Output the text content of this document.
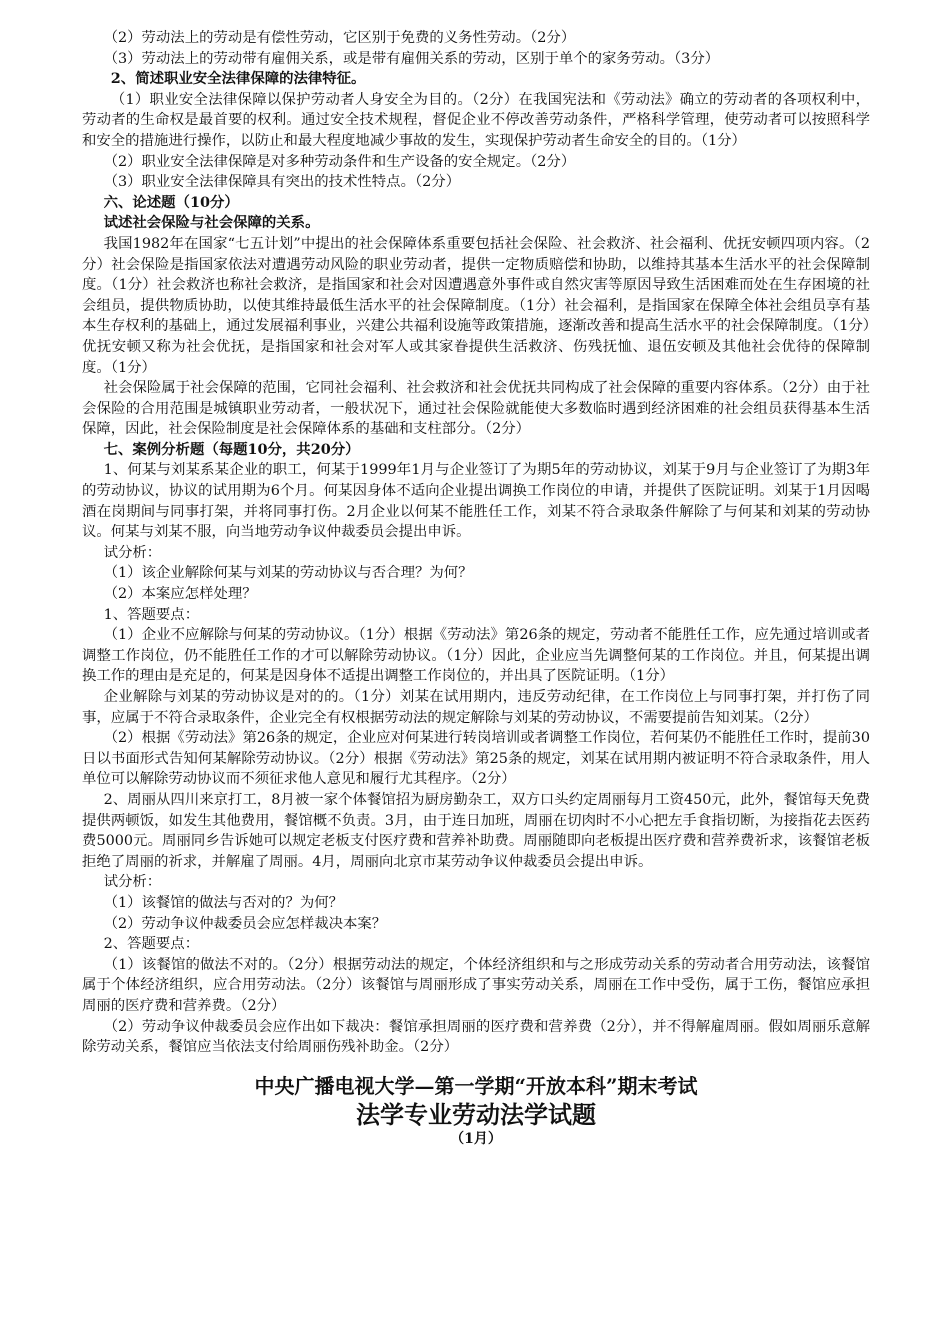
（2）劳动法上的劳动是有偿性劳动，它区别于免费的义务性劳动。（2分）

（3）劳动法上的劳动带有雇佣关系，或是带有雇佣关系的劳动，区别于单个的家务劳动。（3分）

2、简述职业安全法律保障的法律特征。

（1）职业安全法律保障以保护劳动者人身安全为目的。（2分）在我国宪法和《劳动法》确立的劳动者的各项权利中，劳动者的生命权是最首要的权利。通过安全技术规程，督促企业不停改善劳动条件，严格科学管理，使劳动者可以按照科学和安全的措施进行操作，以防止和最大程度地减少事故的发生，实现保护劳动者生命安全的目的。（1分）

（2）职业安全法律保障是对多种劳动条件和生产设备的安全规定。（2分）

（3）职业安全法律保障具有突出的技术性特点。（2分）

六、论述题（10分）

试述社会保险与社会保障的关系。

我国1982年在国家“七五计划”中提出的社会保障体系重要包括社会保险、社会救济、社会福利、优抚安顿四项内容。（2分）社会保险是指国家依法对遭遇劳动风险的职业劳动者，提供一定物质赔偿和协助，以维持其基本生活水平的社会保障制度。（1分）社会救济也称社会救济，是指国家和社会对因遭遇意外事件或自然灾害等原因导致生活困难而处在生存困境的社会组员，提供物质协助，以使其维持最低生活水平的社会保障制度。（1分）社会福利，是指国家在保障全体社会组员享有基本生存权利的基础上，通过发展福利事业，兴建公共福利设施等政策措施，逐渐改善和提高生活水平的社会保障制度。（1分）优抚安顿又称为社会优抚，是指国家和社会对军人或其家眷提供生活救济、伤残抚恤、退伍安顿及其他社会优待的保障制度。（1分）

社会保险属于社会保障的范围，它同社会福利、社会救济和社会优抚共同构成了社会保障的重要内容体系。（2分）由于社会保险的合用范围是城镇职业劳动者，一般状况下，通过社会保险就能使大多数临时遇到经济困难的社会组员获得基本生活保障，因此，社会保险制度是社会保障体系的基础和支柱部分。（2分）

七、案例分析题（每题10分，共20分）

1、何某与刘某系某企业的职工，何某于1999年1月与企业签订了为期5年的劳动协议，刘某于9月与企业签订了为期3年的劳动协议，协议的试用期为6个月。何某因身体不适向企业提出调换工作岗位的申请，并提供了医院证明。刘某于1月因喝酒在岗期间与同事打架，并将同事打伤。2月企业以何某不能胜任工作，刘某不符合录取条件解除了与何某和刘某的劳动协议。何某与刘某不服，向当地劳动争议仲裁委员会提出申诉。

试分析：

（1）该企业解除何某与刘某的劳动协议与否合理？为何？

（2）本案应怎样处理？

1、答题要点：

（1）企业不应解除与何某的劳动协议。（1分）根据《劳动法》第26条的规定，劳动者不能胜任工作，应先通过培训或者调整工作岗位，仍不能胜任工作的才可以解除劳动协议。（1分）因此，企业应当先调整何某的工作岗位。并且，何某提出调换工作的理由是充足的，何某是因身体不适提出调整工作岗位的，并出具了医院证明。（1分）

企业解除与刘某的劳动协议是对的的。（1分）刘某在试用期内，违反劳动纪律，在工作岗位上与同事打架，并打伤了同事，应属于不符合录取条件，企业完全有权根据劳动法的规定解除与刘某的劳动协议，不需要提前告知刘某。（2分）

（2）根据《劳动法》第26条的规定，企业应对何某进行转岗培训或者调整工作岗位，若何某仍不能胜任工作时，提前30日以书面形式告知何某解除劳动协议。（2分）根据《劳动法》第25条的规定，刘某在试用期内被证明不符合录取条件，用人单位可以解除劳动协议而不须征求他人意见和履行尤其程序。（2分）

2、周丽从四川来京打工，8月被一家个体餐馆招为厨房勤杂工，双方口头约定周丽每月工资450元，此外，餐馆每天免费提供两顿饭，如发生其他费用，餐馆概不负责。3月，由于连日加班，周丽在切肉时不小心把左手食指切断，为接指花去医药费5000元。周丽同乡告诉她可以规定老板支付医疗费和营养补助费。周丽随即向老板提出医疗费和营养费祈求，该餐馆老板拒绝了周丽的祈求，并解雇了周丽。4月，周丽向北京市某劳动争议仲裁委员会提出申诉。

试分析：

（1）该餐馆的做法与否对的？为何？

（2）劳动争议仲裁委员会应怎样裁决本案？

2、答题要点：

（1）该餐馆的做法不对的。（2分）根据劳动法的规定，个体经济组织和与之形成劳动关系的劳动者合用劳动法，该餐馆属于个体经济组织，应合用劳动法。（2分）该餐馆与周丽形成了事实劳动关系，周丽在工作中受伤，属于工伤，餐馆应承担周丽的医疗费和营养费。（2分）

（2）劳动争议仲裁委员会应作出如下裁决：餐馆承担周丽的医疗费和营养费（2分），并不得解雇周丽。假如周丽乐意解除劳动关系，餐馆应当依法支付给周丽伤残补助金。（2分）

中央广播电视大学—第一学期“开放本科”期末考试
法学专业劳动法学试题
（1月）
